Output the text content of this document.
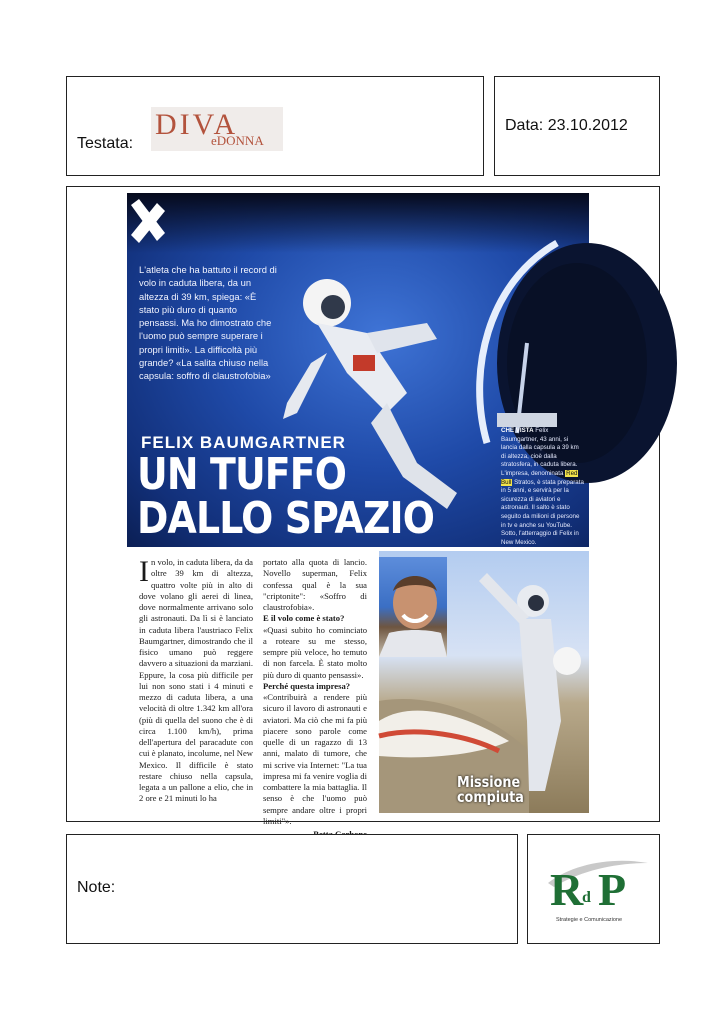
Testata:
DIVA
eDONNA
Data: 23.10.2012
L'atleta che ha battuto il record di volo in caduta libera, da un altezza di 39 km, spiega: «È stato più duro di quanto pensassi. Ma ho dimostrato che l'uomo può sempre superare i propri limiti». La difficoltà più grande? «La salita chiuso nella capsula: soffro di claustrofobia»
FELIX BAUMGARTNER
UN TUFFO
DALLO SPAZIO
CHE VISTA Felix Baumgartner, 43 anni, si lancia dalla capsula a 39 km di altezza, cioè dalla stratosfera, in caduta libera. L'impresa, denominata Red Bull Stratos, è stata preparata in 5 anni, e servirà per la sicurezza di aviatori e astronauti. Il salto è stato seguito da milioni di persone in tv e anche su YouTube. Sotto, l'atterraggio di Felix in New Mexico.
In volo, in caduta libera, da da oltre 39 km di altezza, quattro volte più in alto di dove volano gli aerei di linea, dove normalmente arrivano solo gli astronauti. Da lì si è lanciato in caduta libera l'austriaco Felix Baumgartner, dimostrando che il fisico umano può reggere davvero a situazioni da marziani. Eppure, la cosa più difficile per lui non sono stati i 4 minuti e mezzo di caduta libera, a una velocità di oltre 1.342 km all'ora (più di quella del suono che è di circa 1.100 km/h), prima dell'apertura del paracadute con cui è planato, incolume, nel New Mexico. Il difficile è stato restare chiuso nella capsula, legata a un pallone a elio, che in 2 ore e 21 minuti lo ha
portato alla quota di lancio. Novello superman, Felix confessa qual è la sua "criptonite": «Soffro di claustrofobia».
E il volo come è stato?
«Quasi subito ho cominciato a roteare su me stesso, sempre più veloce, ho temuto di non farcela. È stato molto più duro di quanto pensassi».
Perché questa impresa?
«Contribuirà a rendere più sicuro il lavoro di astronauti e aviatori. Ma ciò che mi fa più piacere sono parole come quelle di un ragazzo di 13 anni, malato di tumore, che mi scrive via Internet: "La tua impresa mi fa venire voglia di combattere la mia battaglia. Il senso è che l'uomo può sempre andare oltre i propri limiti"».
Missione
compiuta
Note:	R
d P
Strategie e Comunicazione
